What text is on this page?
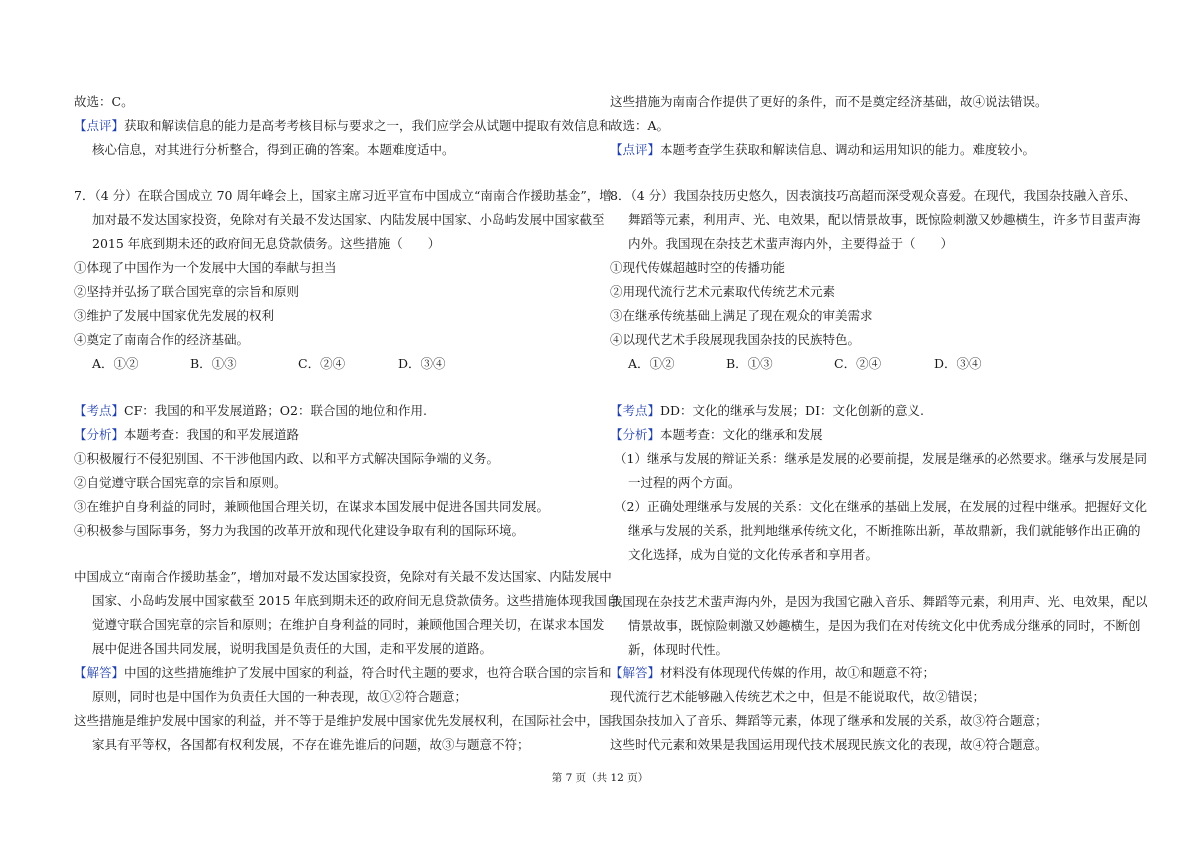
故选：C。
【点评】获取和解读信息的能力是高考考核目标与要求之一，我们应学会从试题中提取有效信息和
核心信息，对其进行分析整合，得到正确的答案。本题难度适中。
7．（4 分）在联合国成立 70 周年峰会上，国家主席习近平宣布中国成立“南南合作援助基金”，增
加对最不发达国家投资，免除对有关最不发达国家、内陆发展中国家、小岛屿发展中国家截至
2015 年底到期未还的政府间无息贷款债务。这些措施（　　）
①体现了中国作为一个发展中大国的奉献与担当
②坚持并弘扬了联合国宪章的宗旨和原则
③维护了发展中国家优先发展的权利
④奠定了南南合作的经济基础。
A．①②	B．①③	C．②④	D．③④
【考点】CF：我国的和平发展道路；O2：联合国的地位和作用.
【分析】本题考查：我国的和平发展道路
①积极履行不侵犯别国、不干涉他国内政、以和平方式解决国际争端的义务。
②自觉遵守联合国宪章的宗旨和原则。
③在维护自身利益的同时，兼顾他国合理关切，在谋求本国发展中促进各国共同发展。
④积极参与国际事务，努力为我国的改革开放和现代化建设争取有利的国际环境。
中国成立“南南合作援助基金”，增加对最不发达国家投资，免除对有关最不发达国家、内陆发展中
国家、小岛屿发展中国家截至 2015 年底到期未还的政府间无息贷款债务。这些措施体现我国自
觉遵守联合国宪章的宗旨和原则；在维护自身利益的同时，兼顾他国合理关切，在谋求本国发
展中促进各国共同发展，说明我国是负责任的大国，走和平发展的道路。
【解答】中国的这些措施维护了发展中国家的利益，符合时代主题的要求，也符合联合国的宗旨和
原则，同时也是中国作为负责任大国的一种表现，故①②符合题意；
这些措施是维护发展中国家的利益，并不等于是维护发展中国家优先发展权利，在国际社会中，国
家具有平等权，各国都有权利发展，不存在谁先谁后的问题，故③与题意不符；
这些措施为南南合作提供了更好的条件，而不是奠定经济基础，故④说法错误。
故选：A。
【点评】本题考查学生获取和解读信息、调动和运用知识的能力。难度较小。
8．（4 分）我国杂技历史悠久，因表演技巧高超而深受观众喜爱。在现代，我国杂技融入音乐、
舞蹈等元素，利用声、光、电效果，配以情景故事，既惊险刺激又妙趣横生，许多节目蜚声海
内外。我国现在杂技艺术蜚声海内外，主要得益于（　　）
①现代传媒超越时空的传播功能
②用现代流行艺术元素取代传统艺术元素
③在继承传统基础上满足了现在观众的审美需求
④以现代艺术手段展现我国杂技的民族特色。
A．①②	B．①③	C．②④	D．③④
【考点】DD：文化的继承与发展；DI：文化创新的意义.
【分析】本题考查：文化的继承和发展
（1）继承与发展的辩证关系：继承是发展的必要前提，发展是继承的必然要求。继承与发展是同
一过程的两个方面。
（2）正确处理继承与发展的关系：文化在继承的基础上发展，在发展的过程中继承。把握好文化
继承与发展的关系，批判地继承传统文化，不断推陈出新，革故鼎新，我们就能够作出正确的
文化选择，成为自觉的文化传承者和享用者。
我国现在杂技艺术蜚声海内外，是因为我国它融入音乐、舞蹈等元素，利用声、光、电效果，配以
情景故事，既惊险刺激又妙趣横生，是因为我们在对传统文化中优秀成分继承的同时，不断创
新，体现时代性。
【解答】材料没有体现现代传媒的作用，故①和题意不符；
现代流行艺术能够融入传统艺术之中，但是不能说取代，故②错误；
我国杂技加入了音乐、舞蹈等元素，体现了继承和发展的关系，故③符合题意；
这些时代元素和效果是我国运用现代技术展现民族文化的表现，故④符合题意。
第 7 页（共 12 页）
